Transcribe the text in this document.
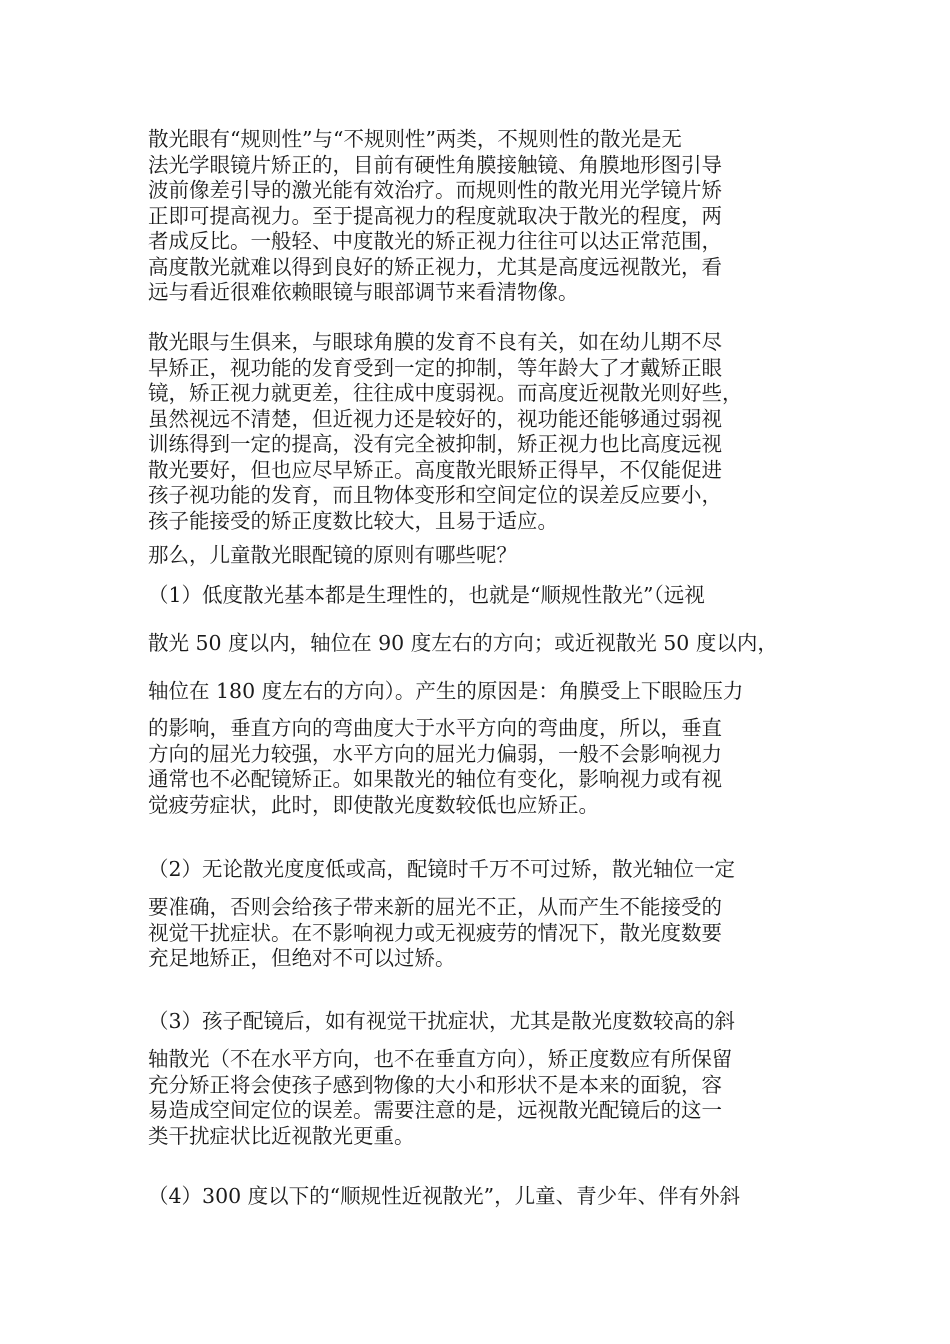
散光眼有“规则性”与“不规则性”两类，不规则性的散光是无
法光学眼镜片矫正的，目前有硬性角膜接触镜、角膜地形图引导
波前像差引导的激光能有效治疗。而规则性的散光用光学镜片矫
正即可提高视力。至于提高视力的程度就取决于散光的程度，两
者成反比。一般轻、中度散光的矫正视力往往可以达正常范围，
高度散光就难以得到良好的矫正视力，尤其是高度远视散光，看
远与看近很难依赖眼镜与眼部调节来看清物像。
散光眼与生俱来，与眼球角膜的发育不良有关，如在幼儿期不尽
早矫正，视功能的发育受到一定的抑制，等年龄大了才戴矫正眼
镜，矫正视力就更差，往往成中度弱视。而高度近视散光则好些，
虽然视远不清楚，但近视力还是较好的，视功能还能够通过弱视
训练得到一定的提高，没有完全被抑制，矫正视力也比高度远视
散光要好，但也应尽早矫正。高度散光眼矫正得早，不仅能促进
孩子视功能的发育，而且物体变形和空间定位的误差反应要小，
孩子能接受的矫正度数比较大，且易于适应。
那么，儿童散光眼配镜的原则有哪些呢？
（1）低度散光基本都是生理性的，也就是“顺规性散光”（远视
散光 50 度以内，轴位在 90 度左右的方向；或近视散光 50 度以内，
轴位在 180 度左右的方向）。产生的原因是：角膜受上下眼睑压力
的影响，垂直方向的弯曲度大于水平方向的弯曲度，所以，垂直
方向的屈光力较强，水平方向的屈光力偏弱，一般不会影响视力
通常也不必配镜矫正。如果散光的轴位有变化，影响视力或有视
觉疲劳症状，此时，即使散光度数较低也应矫正。
（2）无论散光度度低或高，配镜时千万不可过矫，散光轴位一定
要准确，否则会给孩子带来新的屈光不正，从而产生不能接受的
视觉干扰症状。在不影响视力或无视疲劳的情况下，散光度数要
充足地矫正，但绝对不可以过矫。
（3）孩子配镜后，如有视觉干扰症状，尤其是散光度数较高的斜
轴散光（不在水平方向，也不在垂直方向），矫正度数应有所保留
充分矫正将会使孩子感到物像的大小和形状不是本来的面貌，容
易造成空间定位的误差。需要注意的是，远视散光配镜后的这一
类干扰症状比近视散光更重。
（4）300 度以下的“顺规性近视散光”，儿童、青少年、伴有外斜
